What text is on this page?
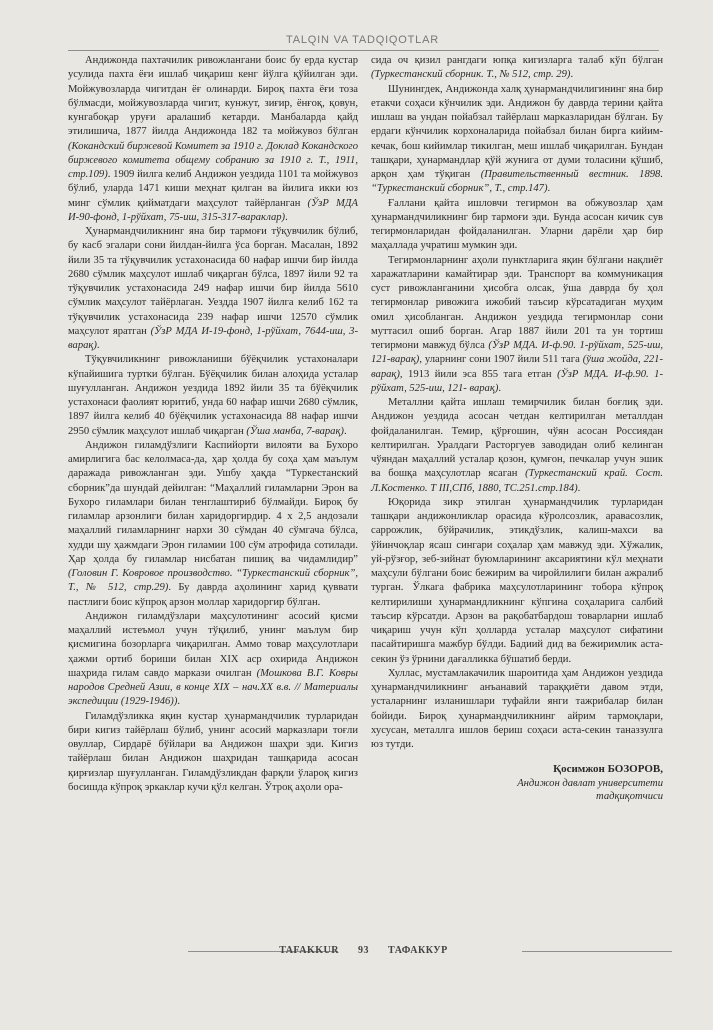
TALQIN VA TADQIQOTLAR

Андижонда пахтачилик ривожлангани боис бу ерда кустар усулида пахта ёғи ишлаб чиқариш кенг йўлга қўйилган эди. Мойжувозларда чигитдан ёғ олинарди. Бироқ пахта ёғи тоза бўлмасди, мойжувозларда чигит, кунжут, зиғир, ёнғоқ, қовун, кунгабоқар уруғи аралашиб кетарди. Манбаларда қайд этилишича, 1877 йилда Андижонда 182 та мойжувоз бўлган (Кокандский биржевой Комитет за 1910 г. Доклад Кокандского биржевого комитета общему собранию за 1910 г. Т., 1911, стр.109). 1909 йилга келиб Андижон уездида 1101 та мойжувоз бўлиб, уларда 1471 киши меҳнат қилган ва йилига икки юз минг сўмлик қийматдаги маҳсулот тайёрланган (ЎзР МДА И-90-фонд, 1-рўйхат, 75-иш, 315-317-вараклар).

Ҳунармандчиликнинг яна бир тармоғи тўқувчилик бўлиб, бу касб эгалари сони йилдан-йилга ўса борган. Масалан, 1892 йили 35 та тўқувчилик устахонасида 60 нафар ишчи бир йилда 2680 сўмлик маҳсулот ишлаб чиқарган бўлса, 1897 йили 92 та тўқувчилик устахонасида 249 нафар ишчи бир йилда 5610 сўмлик маҳсулот тайёрлаган. Уездда 1907 йилга келиб 162 та тўқувчилик устахонасида 239 нафар ишчи 12570 сўмлик маҳсулот яратган (ЎзР МДА И-19-фонд, 1-рўйхат, 7644-иш, 3-варақ).

Тўқувчиликнинг ривожланиши бўёқчилик устахоналари кўпайишига туртки бўлган. Бўёқчилик билан алоҳида усталар шуғулланган. Андижон уездида 1892 йили 35 та бўёқчилик устахонаси фаолият юритиб, унда 60 нафар ишчи 2680 сўмлик, 1897 йилга келиб 40 бўёқчилик устахонасида 88 нафар ишчи 2950 сўмлик маҳсулот ишлаб чиқарган (Ўша манба, 7-варақ).

Андижон гиламдўзлиги Каспийорти вилояти ва Бухоро амирлигига бас келолмаса-да, ҳар ҳолда бу соҳа ҳам маълум даражада ривожланган эди. Ушбу ҳақда “Туркестанский сборник”да шундай дейилган: “Маҳаллий гиламларни Эрон ва Бухоро гиламлари билан тенглаштириб бўлмайди. Бироқ бу гиламлар арзонлиги билан харидоргирдир. 4 х 2,5 андозали маҳаллий гиламларнинг нархи 30 сўмдан 40 сўмгача бўлса, худди шу ҳажмдаги Эрон гиламии 100 сўм атрофида сотилади. Ҳар ҳолда бу гиламлар нисбатан пишиқ ва чидамлидир” (Головин Г. Ковровое производство. “Туркестанский сборник”, Т., № 512, стр.29). Бу даврда аҳолининг харид қуввати пастлиги боис кўпроқ арзон моллар харидоргир бўлган.

Андижон гиламдўзлари маҳсулотининг асосий қисми маҳаллий истеъмол учун тўқилиб, унинг маълум бир қисмигина бозорларга чиқарилган. Аммо товар маҳсулотлари ҳажми ортиб бориши билан XIX аср охирида Андижон шаҳрида гилам савдо маркази очилган (Мошкова В.Г. Ковры народов Средней Азии, в конце XIX – нач.XX в.в. // Материалы экспедиции (1929-1946)).

Гиламдўзликка яқин кустар ҳунармандчилик турларидан бири кигиз тайёрлаш бўлиб, унинг асосий марказлари тоғли овуллар, Сирдарё бўйлари ва Андижон шаҳри эди. Кигиз тайёрлаш билан Андижон шаҳридан ташқарида асосан қирғизлар шуғулланган. Гиламдўзликдан фарқли ўлароқ кигиз босишда кўпроқ эркаклар кучи қўл келган. Ўтроқ аҳоли ора-

сида оч қизил рангдаги юпқа кигизларга талаб кўп бўлган (Туркестанский сборник. Т., № 512, стр. 29).

Шунингдек, Андижонда халқ ҳунармандчилигининг яна бир етакчи соҳаси кўнчилик эди. Андижон бу даврда терини қайта ишлаш ва ундан пойабзал тайёрлаш марказларидан бўлган. Бу ердаги кўнчилик корхоналарида пойабзал билан бирга кийим-кечак, бош кийимлар тикилган, меш ишлаб чиқарилган. Бундан ташқари, ҳунармандлар қўй жунига от думи толасини қўшиб, арқон ҳам тўқиган (Правительственный вестник. 1898. “Туркестанский сборник”, Т., стр.147).

Ғаллани қайта ишловчи тегирмон ва обжувозлар ҳам ҳунармандчиликнинг бир тармоғи эди. Бунда асосан кичик сув тегирмонларидан фойдаланилган. Уларни дарёли ҳар бир маҳаллада учратиш мумкин эди.

Тегирмонларнинг аҳоли пунктларига яқин бўлгани нақлиёт харажатларини камайтирар эди. Транспорт ва коммуникация суст ривожланганини ҳисобга олсак, ўша даврда бу ҳол тегирмонлар ривожига ижобий таъсир кўрсатадиган муҳим омил ҳисобланган. Андижон уездида тегирмонлар сони муттасил ошиб борган. Агар 1887 йили 201 та ун тортиш тегирмони мавжуд бўлса (ЎзР МДА. И-ф.90. 1-рўйхат, 525-иш, 121-варақ), уларнинг сони 1907 йили 511 тага (ўша жойда, 221-варақ), 1913 йили эса 855 тага етган (ЎзР МДА. И-ф.90. 1-рўйхат, 525-иш, 121- варақ).

Металлни қайта ишлаш темирчилик билан боғлиқ эди. Андижон уездида асосан четдан келтирилган металлдан фойдаланилган. Темир, қўрғошин, чўян асосан Россиядан келтирилган. Уралдаги Расторгуев заводидан олиб келинган чўяндан маҳаллий усталар қозон, қумғон, печкалар учун эшик ва бошқа маҳсулотлар ясаган (Туркестанский край. Сост. Л.Костенко. Т III,СПб, 1880, ТС.251.стр.184).

Юқорида зикр этилган ҳунармандчилик турларидан ташқари андижонликлар орасида кўролсозлик, аравасозлик, саррожлик, бўйрачилик, этикдўзлик, калиш-махси ва ўйинчоқлар ясаш сингари соҳалар ҳам мавжуд эди. Хўжалик, уй-рўзғор, зеб-зийнат буюмларининг аксариятини кўл меҳнати маҳсули бўлгани боис бежирим ва чиройлилиги билан ажралиб турган. Ўлкага фабрика маҳсулотларининг тобора кўпроқ келтирилиши ҳунармандликнинг кўпгина соҳаларига салбий таъсир кўрсатди. Арзон ва рақобатбардош товарларни ишлаб чиқариш учун кўп ҳолларда усталар маҳсулот сифатини пасайтиришга мажбур бўлди. Бадиий дид ва бежиримлик аста-секин ўз ўрнини дағалликка бўшатиб берди.

Хуллас, мустамлакачилик шароитида ҳам Андижон уездида ҳунармандчиликнинг анъанавий тараққиёти давом этди, усталарнинг изланишлари туфайли янги тажрибалар билан бойиди. Бироқ ҳунармандчиликнинг айрим тармоқлари, хусусан, металлга ишлов бериш соҳаси аста-секин таназзулга юз тутди.

Қосимжон БОЗОРОВ,
Андижон давлат университети
тадқиқотчиси
TAFAKKUR 93 ТАФАККУР
